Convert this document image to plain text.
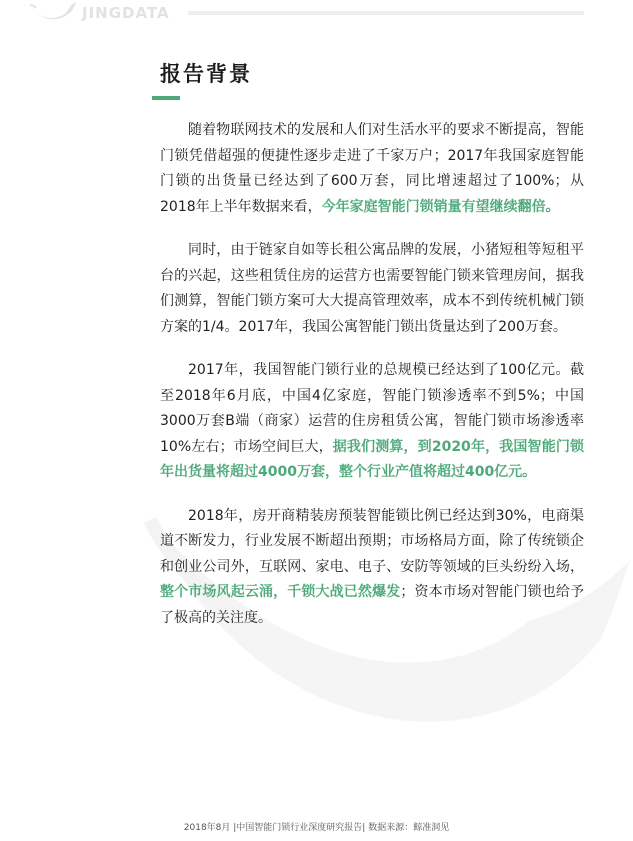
JINGDATA
报告背景

随着物联网技术的发展和人们对生活水平的要求不断提高，智能门锁凭借超强的便捷性逐步走进了千家万户；2017年我国家庭智能门锁的出货量已经达到了600万套，同比增速超过了100%；从2018年上半年数据来看，今年家庭智能门锁销量有望继续翻倍。

同时，由于链家自如等长租公寓品牌的发展，小猪短租等短租平台的兴起，这些租赁住房的运营方也需要智能门锁来管理房间，据我们测算，智能门锁方案可大大提高管理效率，成本不到传统机械门锁方案的1/4。2017年，我国公寓智能门锁出货量达到了200万套。

2017年，我国智能门锁行业的总规模已经达到了100亿元。截至2018年6月底，中国4亿家庭，智能门锁渗透率不到5%；中国3000万套B端（商家）运营的住房租赁公寓，智能门锁市场渗透率10%左右；市场空间巨大，据我们测算，到2020年，我国智能门锁年出货量将超过4000万套，整个行业产值将超过400亿元。

2018年，房开商精装房预装智能锁比例已经达到30%，电商渠道不断发力，行业发展不断超出预期；市场格局方面，除了传统锁企和创业公司外，互联网、家电、电子、安防等领域的巨头纷纷入场，整个市场风起云涌，千锁大战已然爆发；资本市场对智能门锁也给予了极高的关注度。

2018年8月 |中国智能门锁行业深度研究报告| 数据来源：鲸准洞见
